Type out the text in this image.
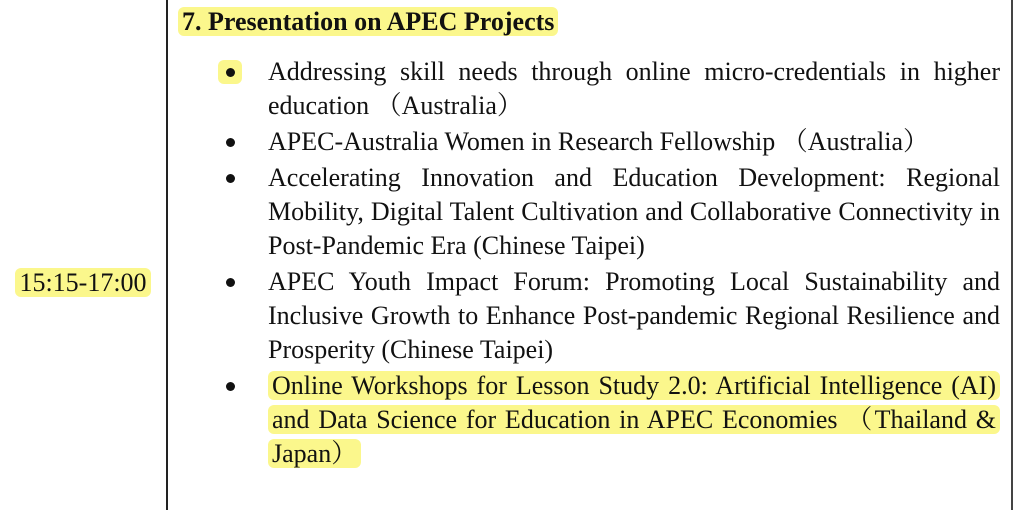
15:15-17:00
7. Presentation on APEC Projects
Addressing skill needs through online micro-credentials in higher education （Australia）
APEC-Australia Women in Research Fellowship （Australia）
Accelerating Innovation and Education Development: Regional Mobility, Digital Talent Cultivation and Collaborative Connectivity in Post-Pandemic Era (Chinese Taipei)
APEC Youth Impact Forum: Promoting Local Sustainability and Inclusive Growth to Enhance Post-pandemic Regional Resilience and Prosperity (Chinese Taipei)
Online Workshops for Lesson Study 2.0: Artificial Intelligence (AI) and Data Science for Education in APEC Economies （Thailand & Japan）
